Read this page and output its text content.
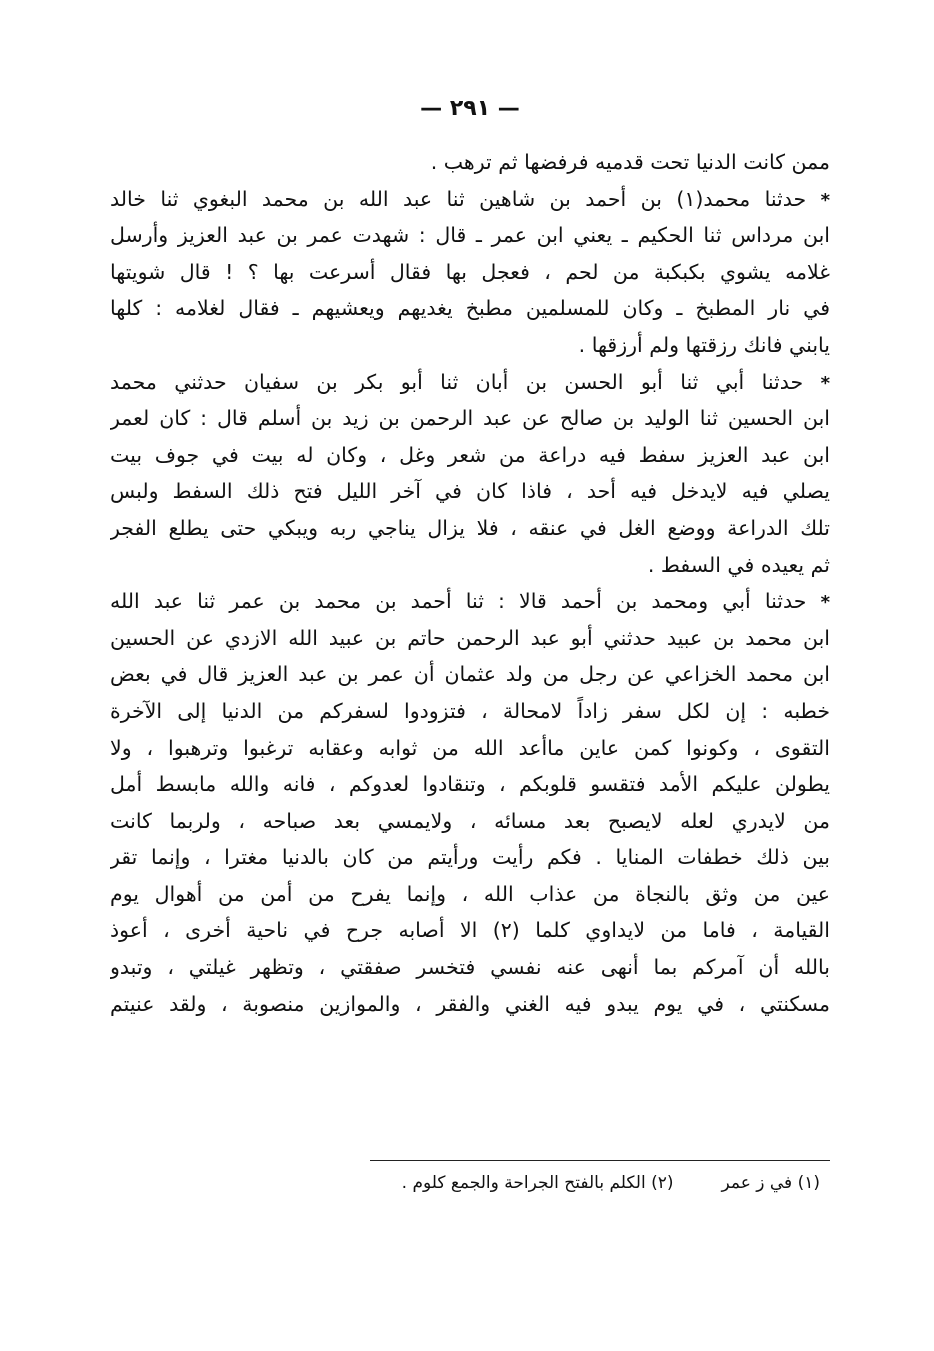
— ٢٩١ —
ممن كانت الدنيا تحت قدميه فرفضها ثم ترهب .
* حدثنا محمد(١) بن أحمد بن شاهين ثنا عبد الله بن محمد البغوي ثنا خالد
ابن مرداس ثنا الحكيم ـ يعني ابن عمر ـ قال : شهدت عمر بن عبد العزيز وأرسل
غلامه يشوي بكبكبة من لحم ، فعجل بها فقال أسرعت بها ؟ ! قال شويتها
في نار المطبخ ـ وكان للمسلمين مطبخ يغديهم ويعشيهم ـ فقال لغلامه : كلها
يابني فانك رزقتها ولم أرزقها .
* حدثنا أبي ثنا أبو الحسن بن أبان ثنا أبو بكر بن سفيان حدثني محمد
ابن الحسين ثنا الوليد بن صالح عن عبد الرحمن بن زيد بن أسلم قال : كان لعمر
ابن عبد العزيز سفط فيه دراعة من شعر وغل ، وكان له بيت في جوف بيت
يصلي فيه لايدخل فيه أحد ، فاذا كان في آخر الليل فتح ذلك السفط ولبس
تلك الدراعة ووضع الغل في عنقه ، فلا يزال يناجي ربه ويبكي حتى يطلع الفجر
ثم يعيده في السفط .
* حدثنا أبي ومحمد بن أحمد قالا : ثنا أحمد بن محمد بن عمر ثنا عبد الله
ابن محمد بن عبيد حدثني أبو عبد الرحمن حاتم بن عبيد الله الازدي عن الحسين
ابن محمد الخزاعي عن رجل من ولد عثمان أن عمر بن عبد العزيز قال في بعض
خطبه : إن لكل سفر زاداً لامحالة ، فتزودوا لسفركم من الدنيا إلى الآخرة
التقوى ، وكونوا كمن عاين ماأعد الله من ثوابه وعقابه ترغبوا وترهبوا ، ولا
يطولن عليكم الأمد فتقسو قلوبكم ، وتنقادوا لعدوكم ، فانه والله مابسط أمل
من لايدري لعله لايصبح بعد مسائه ، ولايمسي بعد صباحه ، ولربما كانت
بين ذلك خطفات المنايا . فكم رأيت ورأيتم من كان بالدنيا مغترا ، وإنما تقر
عين من وثق بالنجاة من عذاب الله ، وإنما يفرح من أمن من أهوال يوم
القيامة ، فاما من لايداوي كلما (٢) الا أصابه جرح في ناحية أخرى ، أعوذ
بالله أن آمركم بما أنهى عنه نفسي فتخسر صفقتي ، وتظهر غيلتي ، وتبدو
مسكنتي ، في يوم يبدو فيه الغني والفقر ، والموازين منصوبة ، ولقد عنيتم
(١) في ز عمر(٢) الكلم بالفتح الجراحة والجمع كلوم .
